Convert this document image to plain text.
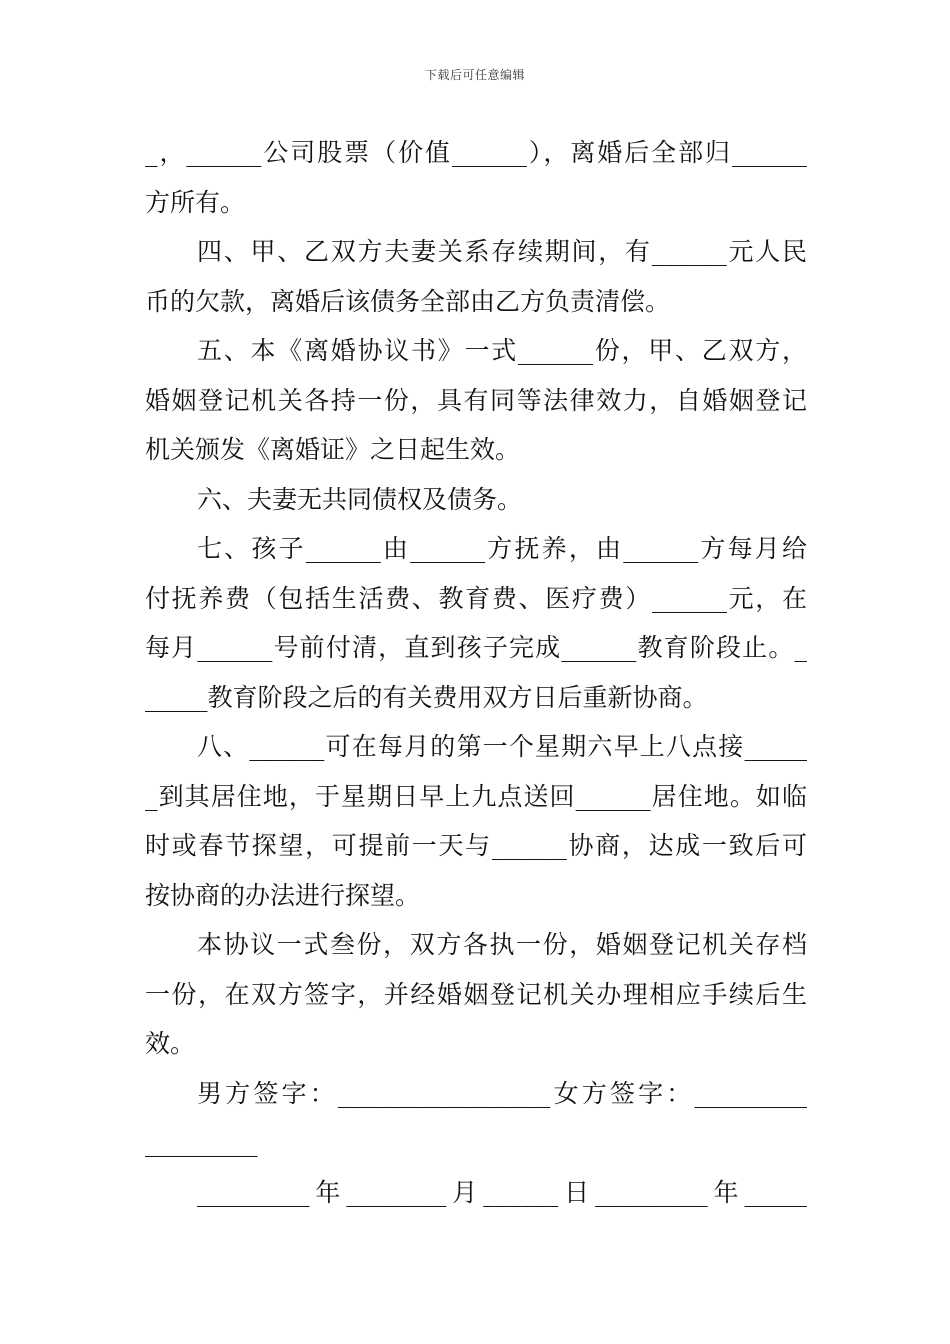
下载后可任意编辑
_，______公司股票（价值______），离婚后全部归______
方所有。
四、甲、乙双方夫妻关系存续期间，有______元人民
币的欠款，离婚后该债务全部由乙方负责清偿。
五、本《离婚协议书》一式______份，甲、乙双方，
婚姻登记机关各持一份，具有同等法律效力，自婚姻登记
机关颁发《离婚证》之日起生效。
六、夫妻无共同债权及债务。
七、孩子______由______方抚养，由______方每月给
付抚养费（包括生活费、教育费、医疗费）______元，在
每月______号前付清，直到孩子完成______教育阶段止。_
_____教育阶段之后的有关费用双方日后重新协商。
八、______可在每月的第一个星期六早上八点接_____
_到其居住地，于星期日早上九点送回______居住地。如临
时或春节探望，可提前一天与______协商，达成一致后可
按协商的办法进行探望。
本协议一式叁份，双方各执一份，婚姻登记机关存档
一份，在双方签字，并经婚姻登记机关办理相应手续后生
效。
男方签字：_________________女方签字：_________
_________
_________年________月______日_________年_____
